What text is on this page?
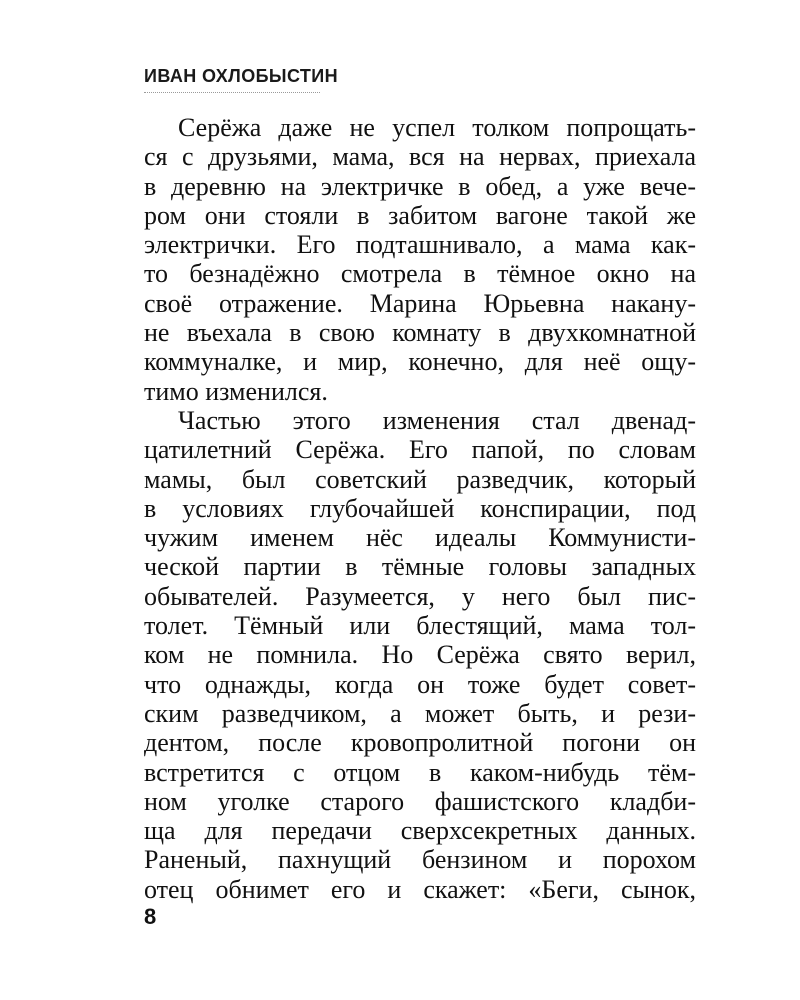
ИВАН ОХЛОБЫСТИН
Серёжа даже не успел толком попрощать-
ся с друзьями, мама, вся на нервах, приехала
в деревню на электричке в обед, а уже вече-
ром они стояли в забитом вагоне такой же
электрички. Его подташнивало, а мама как-
то безнадёжно смотрела в тёмное окно на
своё отражение. Марина Юрьевна накану-
не въехала в свою комнату в двухкомнатной
коммуналке, и мир, конечно, для неё ощу-
тимо изменился.
Частью этого изменения стал двенад-
цатилетний Серёжа. Его папой, по словам
мамы, был советский разведчик, который
в условиях глубочайшей конспирации, под
чужим именем нёс идеалы Коммунисти-
ческой партии в тёмные головы западных
обывателей. Разумеется, у него был пис-
толет. Тёмный или блестящий, мама тол-
ком не помнила. Но Серёжа свято верил,
что однажды, когда он тоже будет совет-
ским разведчиком, а может быть, и рези-
дентом, после кровопролитной погони он
встретится с отцом в каком-нибудь тём-
ном уголке старого фашистского кладби-
ща для передачи сверхсекретных данных.
Раненый, пахнущий бензином и порохом
отец обнимет его и скажет: «Беги, сынок,
8
